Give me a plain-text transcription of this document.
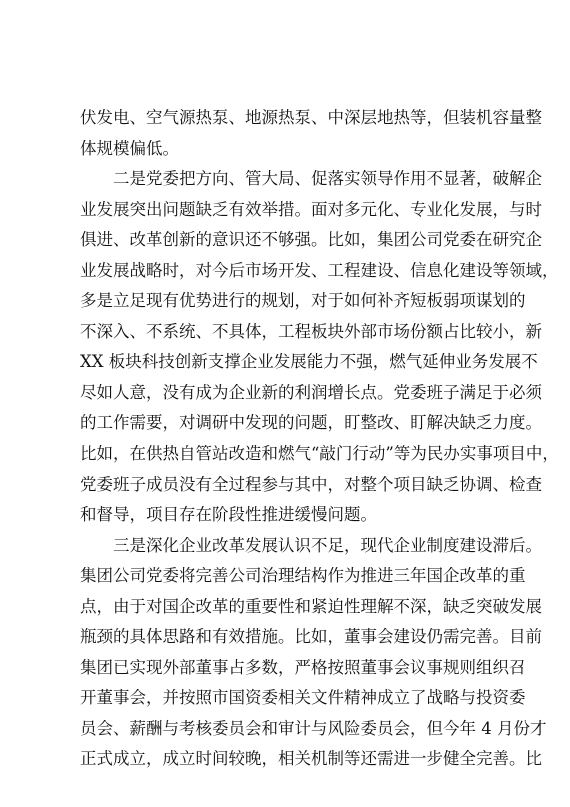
伏发电、空气源热泵、地源热泵、中深层地热等，但装机容量整
体规模偏低。
二是党委把方向、管大局、促落实领导作用不显著，破解企
业发展突出问题缺乏有效举措。面对多元化、专业化发展，与时
俱进、改革创新的意识还不够强。比如，集团公司党委在研究企
业发展战略时，对今后市场开发、工程建设、信息化建设等领域，
多是立足现有优势进行的规划，对于如何补齐短板弱项谋划的
不深入、不系统、不具体，工程板块外部市场份额占比较小，新
XX 板块科技创新支撑企业发展能力不强，燃气延伸业务发展不
尽如人意，没有成为企业新的利润增长点。党委班子满足于必须
的工作需要，对调研中发现的问题，盯整改、盯解决缺乏力度。
比如，在供热自管站改造和燃气“敲门行动”等为民办实事项目中，
党委班子成员没有全过程参与其中，对整个项目缺乏协调、检查
和督导，项目存在阶段性推进缓慢问题。
三是深化企业改革发展认识不足，现代企业制度建设滞后。
集团公司党委将完善公司治理结构作为推进三年国企改革的重
点，由于对国企改革的重要性和紧迫性理解不深，缺乏突破发展
瓶颈的具体思路和有效措施。比如，董事会建设仍需完善。目前
集团已实现外部董事占多数，严格按照董事会议事规则组织召
开董事会，并按照市国资委相关文件精神成立了战略与投资委
员会、薪酬与考核委员会和审计与风险委员会，但今年 4 月份才
正式成立，成立时间较晚，相关机制等还需进一步健全完善。比
